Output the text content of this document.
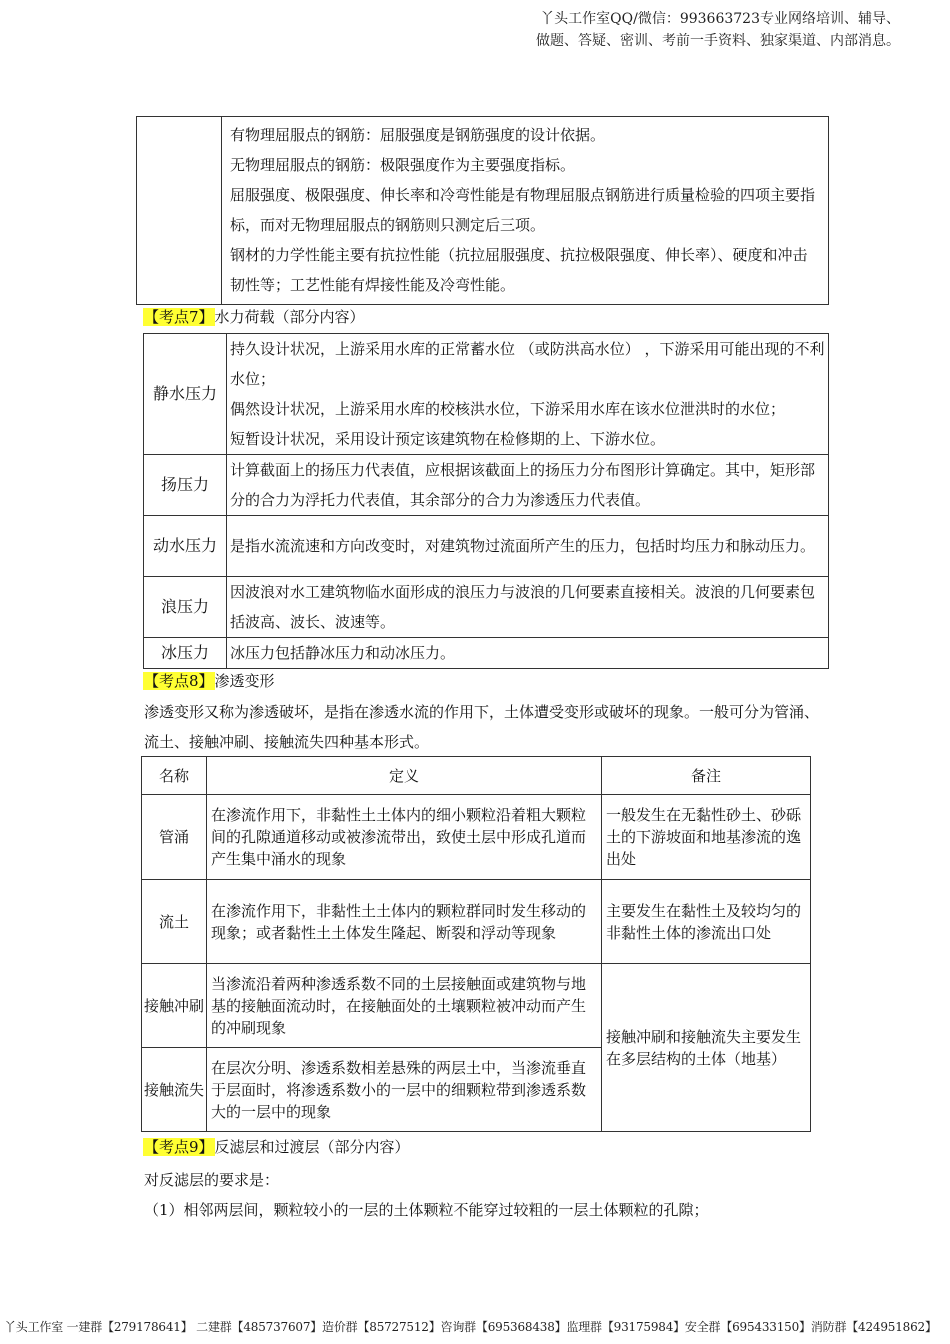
丫头工作室QQ/微信：993663723专业网络培训、辅导、
做题、答疑、密训、考前一手资料、独家渠道、内部消息。

有物理屈服点的钢筋：屈服强度是钢筋强度的设计依据。
无物理屈服点的钢筋：极限强度作为主要强度指标。
屈服强度、极限强度、伸长率和冷弯性能是有物理屈服点钢筋进行质量检验的四项主要指标，而对无物理屈服点的钢筋则只测定后三项。
钢材的力学性能主要有抗拉性能（抗拉屈服强度、抗拉极限强度、伸长率）、硬度和冲击韧性等；工艺性能有焊接性能及冷弯性能。
【考点7】水力荷载（部分内容）
静水压力	持久设计状况，上游采用水库的正常蓄水位 （或防洪高水位） ，下游采用可能出现的不利水位；
偶然设计状况，上游采用水库的校核洪水位，下游采用水库在该水位泄洪时的水位；
短暂设计状况，采用设计预定该建筑物在检修期的上、下游水位。

扬压力	计算截面上的扬压力代表值，应根据该截面上的扬压力分布图形计算确定。其中，矩形部分的合力为浮托力代表值，其余部分的合力为渗透压力代表值。

动水压力	是指水流流速和方向改变时，对建筑物过流面所产生的压力，包括时均压力和脉动压力。

浪压力	因波浪对水工建筑物临水面形成的浪压力与波浪的几何要素直接相关。波浪的几何要素包括波高、波长、波速等。

冰压力	冰压力包括静冰压力和动冰压力。
【考点8】渗透变形
渗透变形又称为渗透破坏，是指在渗透水流的作用下，土体遭受变形或破坏的现象。一般可分为管涌、流土、接触冲刷、接触流失四种基本形式。
名称	定义	备注
管涌	在渗流作用下，非黏性土土体内的细小颗粒沿着粗大颗粒间的孔隙通道移动或被渗流带出，致使土层中形成孔道而产生集中涌水的现象	一般发生在无黏性砂土、砂砾土的下游坡面和地基渗流的逸出处
流土	在渗流作用下，非黏性土土体内的颗粒群同时发生移动的现象；或者黏性土土体发生隆起、断裂和浮动等现象	主要发生在黏性土及较均匀的非黏性土体的渗流出口处
接触冲刷	当渗流沿着两种渗透系数不同的土层接触面或建筑物与地基的接触面流动时，在接触面处的土壤颗粒被冲动而产生的冲刷现象	接触冲刷和接触流失主要发生在多层结构的土体（地基）
接触流失	在层次分明、渗透系数相差悬殊的两层土中，当渗流垂直于层面时，将渗透系数小的一层中的细颗粒带到渗透系数大的一层中的现象	
【考点9】反滤层和过渡层（部分内容）
对反滤层的要求是：
（1）相邻两层间，颗粒较小的一层的土体颗粒不能穿过较粗的一层土体颗粒的孔隙；
丫头工作室 一建群【279178641】 二建群【485737607】造价群【85727512】咨询群【695368438】监理群【93175984】安全群【695433150】消防群【424951862】
